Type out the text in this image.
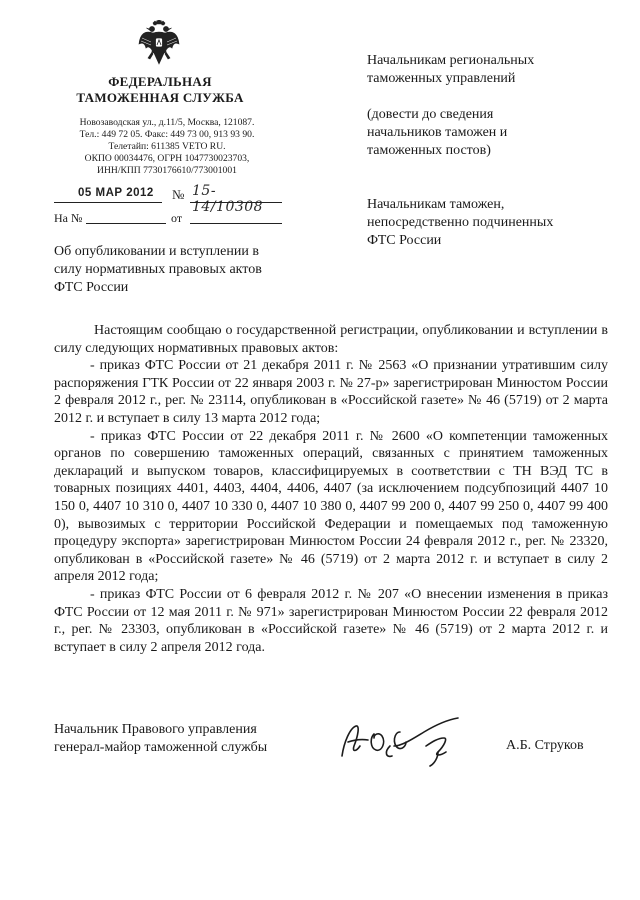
ФЕДЕРАЛЬНАЯ
ТАМОЖЕННАЯ СЛУЖБА
Новозаводская ул., д.11/5, Москва, 121087.
Тел.: 449 72 05. Факс: 449 73 00, 913 93 90.
Телетайп: 611385 VETO RU.
ОКПО 00034476, ОГРН 1047730023703,
ИНН/КПП 7730176610/773001001
05 МАР 2012 № 15-14/10308
На №	от
Об опубликовании и вступлении в
силу нормативных правовых актов
ФТС России
Начальникам региональных
таможенных управлений
(довести до сведения
начальников таможен и
таможенных постов)
Начальникам таможен,
непосредственно подчиненных
ФТС России

Настоящим сообщаю о государственной регистрации, опубликовании и вступлении в силу следующих нормативных правовых актов:

- приказ ФТС России от 21 декабря 2011 г. № 2563 «О признании утратившим силу распоряжения ГТК России от 22 января 2003 г. № 27-р» зарегистрирован Минюстом России 2 февраля 2012 г., рег. № 23114, опубликован в «Российской газете» № 46 (5719) от 2 марта 2012 г. и вступает в силу 13 марта 2012 года;

- приказ ФТС России от 22 декабря 2011 г. № 2600 «О компетенции таможенных органов по совершению таможенных операций, связанных с принятием таможенных деклараций и выпуском товаров, классифицируемых в соответствии с ТН ВЭД ТС в товарных позициях 4401, 4403, 4404, 4406, 4407 (за исключением подсубпозиций 4407 10 150 0, 4407 10 310 0, 4407 10 330 0, 4407 10 380 0, 4407 99 200 0, 4407 99 250 0, 4407 99 400 0), вывозимых с территории Российской Федерации и помещаемых под таможенную процедуру экспорта» зарегистрирован Минюстом России 24 февраля 2012 г., рег. № 23320, опубликован в «Российской газете» № 46 (5719) от 2 марта 2012 г. и вступает в силу 2 апреля 2012 года;

- приказ ФТС России от 6 февраля 2012 г. № 207 «О внесении изменения в приказ ФТС России от 12 мая 2011 г. № 971» зарегистрирован Минюстом России 22 февраля 2012 г., рег. № 23303, опубликован в «Российской газете» № 46 (5719) от 2 марта 2012 г. и вступает в силу 2 апреля 2012 года.

Начальник Правового управления
генерал-майор таможенной службы	А.Б. Струков
